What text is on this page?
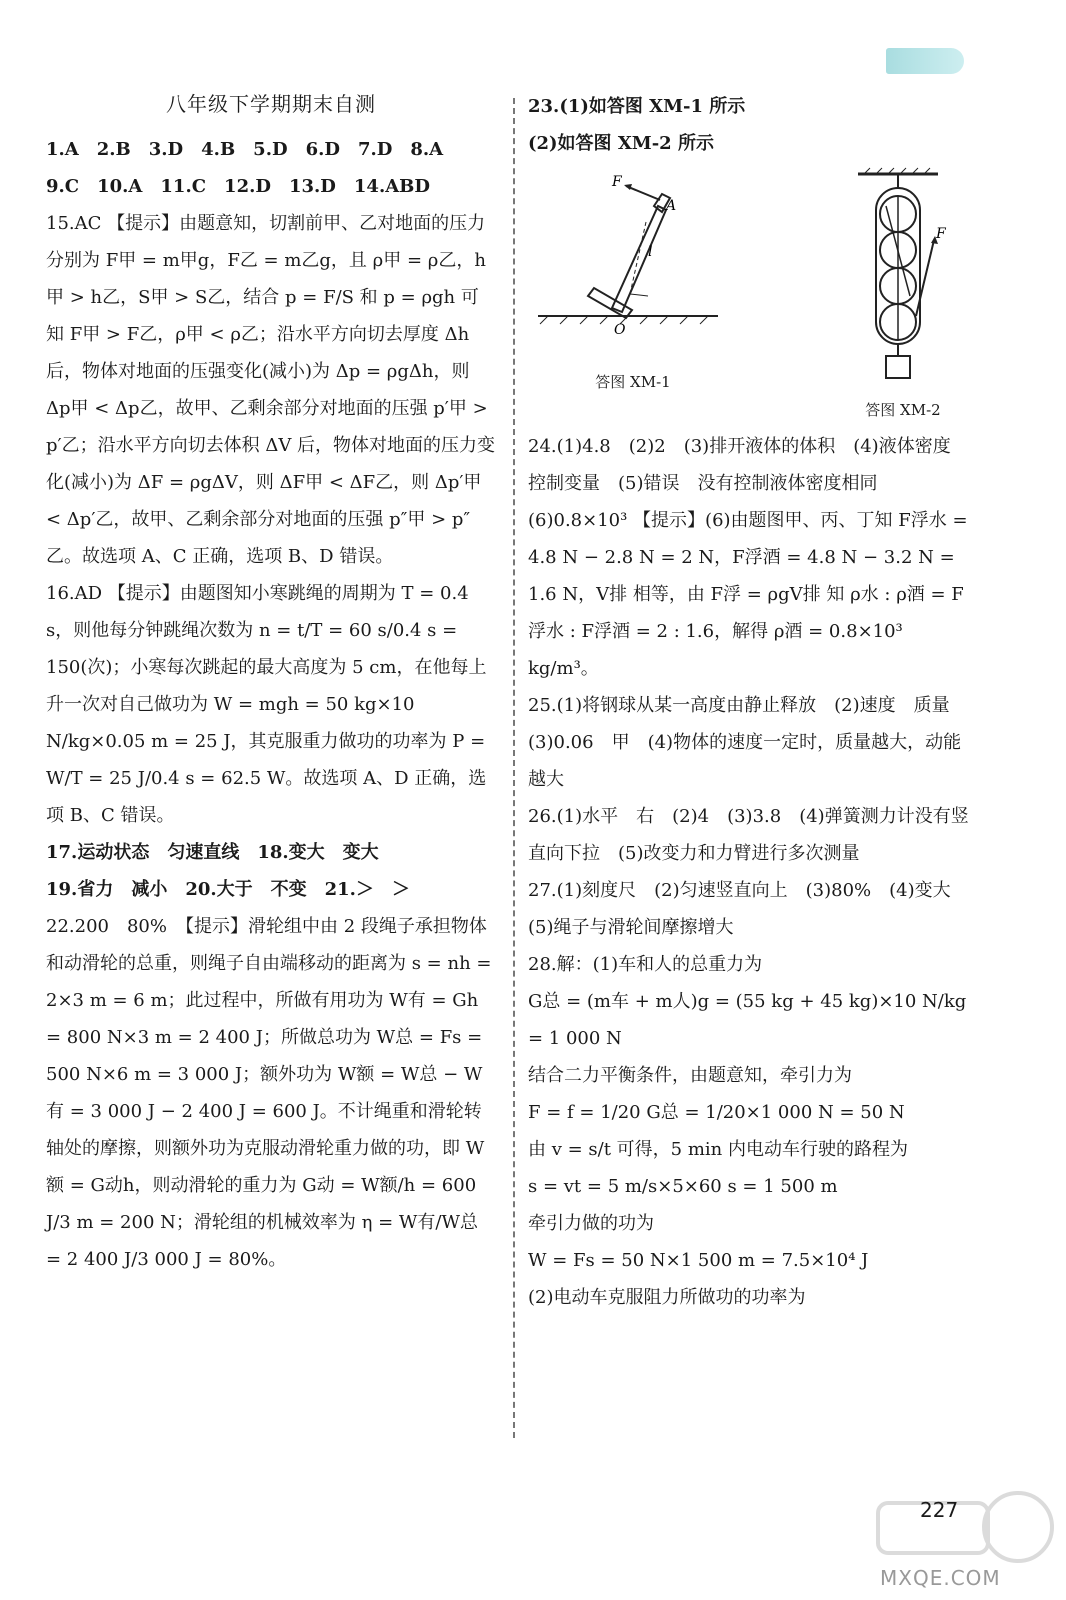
八年级下学期期末自测

1.A　2.B　3.D　4.B　5.D　6.D　7.D　8.A

9.C　10.A　11.C　12.D　13.D　14.ABD

15.AC 【提示】由题意知，切割前甲、乙对地面的压力分别为 F甲 = m甲g，F乙 = m乙g，且 ρ甲 = ρ乙，h甲 > h乙，S甲 > S乙，结合 p = F/S 和 p = ρgh 可知 F甲 > F乙，ρ甲 < ρ乙；沿水平方向切去厚度 Δh 后，物体对地面的压强变化(减小)为 Δp = ρgΔh，则 Δp甲 < Δp乙，故甲、乙剩余部分对地面的压强 p′甲 > p′乙；沿水平方向切去体积 ΔV 后，物体对地面的压力变化(减小)为 ΔF = ρgΔV，则 ΔF甲 < ΔF乙，则 Δp′甲 < Δp′乙，故甲、乙剩余部分对地面的压强 p″甲 > p″乙。故选项 A、C 正确，选项 B、D 错误。

16.AD 【提示】由题图知小寒跳绳的周期为 T = 0.4 s，则他每分钟跳绳次数为 n = t/T = 60 s/0.4 s = 150(次)；小寒每次跳起的最大高度为 5 cm，在他每上升一次对自己做功为 W = mgh = 50 kg×10 N/kg×0.05 m = 25 J，其克服重力做功的功率为 P = W/T = 25 J/0.4 s = 62.5 W。故选项 A、D 正确，选项 B、C 错误。

17.运动状态　匀速直线　18.变大　变大

19.省力　减小　20.大于　不变　21.＞　＞

22.200　80%　【提示】滑轮组中由 2 段绳子承担物体和动滑轮的总重，则绳子自由端移动的距离为 s = nh = 2×3 m = 6 m；此过程中，所做有用功为 W有 = Gh = 800 N×3 m = 2 400 J；所做总功为 W总 = Fs = 500 N×6 m = 3 000 J；额外功为 W额 = W总 − W有 = 3 000 J − 2 400 J = 600 J。不计绳重和滑轮转轴处的摩擦，则额外功为克服动滑轮重力做的功，即 W额 = G动h，则动滑轮的重力为 G动 = W额/h = 600 J/3 m = 200 N；滑轮组的机械效率为 η = W有/W总 = 2 400 J/3 000 J = 80%。

23.(1)如答图 XM-1 所示

(2)如答图 XM-2 所示

F
A
l
O
答图 XM-1
F
答图 XM-2

24.(1)4.8　(2)2　(3)排开液体的体积　(4)液体密度　控制变量　(5)错误　没有控制液体密度相同　(6)0.8×10³ 【提示】(6)由题图甲、丙、丁知 F浮水 = 4.8 N − 2.8 N = 2 N，F浮酒 = 4.8 N − 3.2 N = 1.6 N，V排 相等，由 F浮 = ρgV排 知 ρ水 : ρ酒 = F浮水 : F浮酒 = 2 : 1.6，解得 ρ酒 = 0.8×10³ kg/m³。

25.(1)将钢球从某一高度由静止释放　(2)速度　质量　(3)0.06　甲　(4)物体的速度一定时，质量越大，动能越大

26.(1)水平　右　(2)4　(3)3.8　(4)弹簧测力计没有竖直向下拉　(5)改变力和力臂进行多次测量

27.(1)刻度尺　(2)匀速竖直向上　(3)80%　(4)变大　(5)绳子与滑轮间摩擦增大

28.解：(1)车和人的总重力为

G总 = (m车 + m人)g = (55 kg + 45 kg)×10 N/kg = 1 000 N

结合二力平衡条件，由题意知，牵引力为

F = f = 1/20 G总 = 1/20×1 000 N = 50 N

由 v = s/t 可得，5 min 内电动车行驶的路程为

s = vt = 5 m/s×5×60 s = 1 500 m

牵引力做的功为

W = Fs = 50 N×1 500 m = 7.5×10⁴ J

(2)电动车克服阻力所做功的功率为

227
MXQE.COM
